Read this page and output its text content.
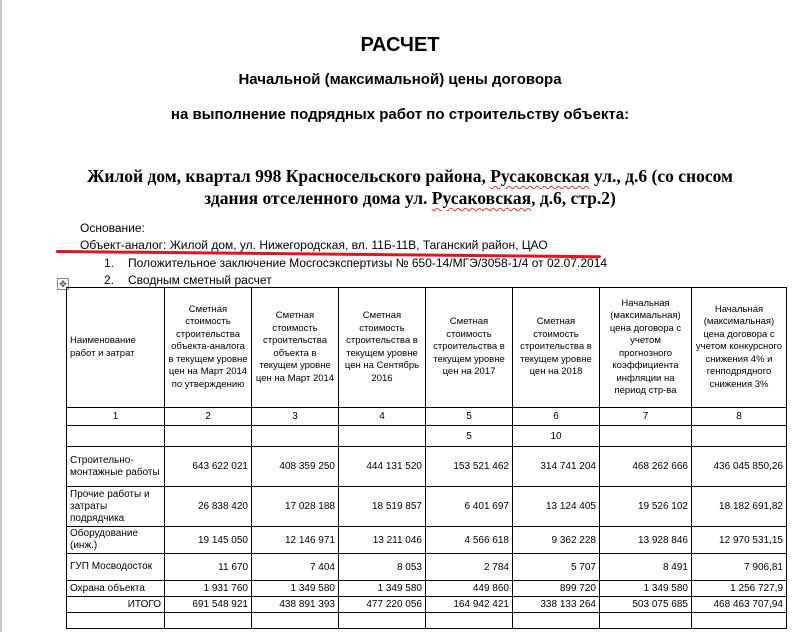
РАСЧЕТ
Начальной (максимальной) цены договора
на выполнение подрядных работ по строительству объекта:
Жилой дом, квартал 998 Красносельского района, Русаковская ул., д.6 (со сносом здания отселенного дома ул. Русаковская, д.6, стр.2)
Основание:
Объект-аналог: Жилой дом, ул. Нижегородская, вл. 11Б-11В, Таганский район, ЦАО
1. Положительное заключение Мосгосэкспертизы № 650-14/МГЭ/3058-1/4 от 02.07.2014
2. Сводным сметный расчет
✥
Наименование работ и затрат	Сметная стоимость строительства объекта-аналога в текущем уровне цен на Март 2014 по утверждению	Сметная стоимость строительства объекта в текущем уровне цен на Март 2014	Сметная стоимость строительства в текущем уровне цен на Сентябрь 2016	Сметная стоимость строительства в текущем уровне цен на 2017	Сметная стоимость строительства в текущем уровне цен на 2018	Начальная (максимальная) цена договора с учетом прогнозного коэффициента инфляции на период стр-ва	Начальная (максимальная) цена договора с учетом конкурсного снижения 4% и генподрядного снижения 3%
1	2	3	4	5	6	7	8
				5	10		
Строительно-монтажные работы	643 622 021	408 359 250	444 131 520	153 521 462	314 741 204	468 262 666	436 045 850,26
Прочие работы и затраты подрядчика	26 838 420	17 028 188	18 519 857	6 401 697	13 124 405	19 526 102	18 182 691,82
Оборудование (инж.)	19 145 050	12 146 971	13 211 046	4 566 618	9 362 228	13 928 846	12 970 531,15
ГУП Мосводосток	11 670	7 404	8 053	2 784	5 707	8 491	7 906,81
Охрана объекта	1 931 760	1 349 580	1 349 580	449 860	899 720	1 349 580	1 256 727,9
ИТОГО	691 548 921	438 891 393	477 220 056	164 942 421	338 133 264	503 075 685	468 463 707,94
